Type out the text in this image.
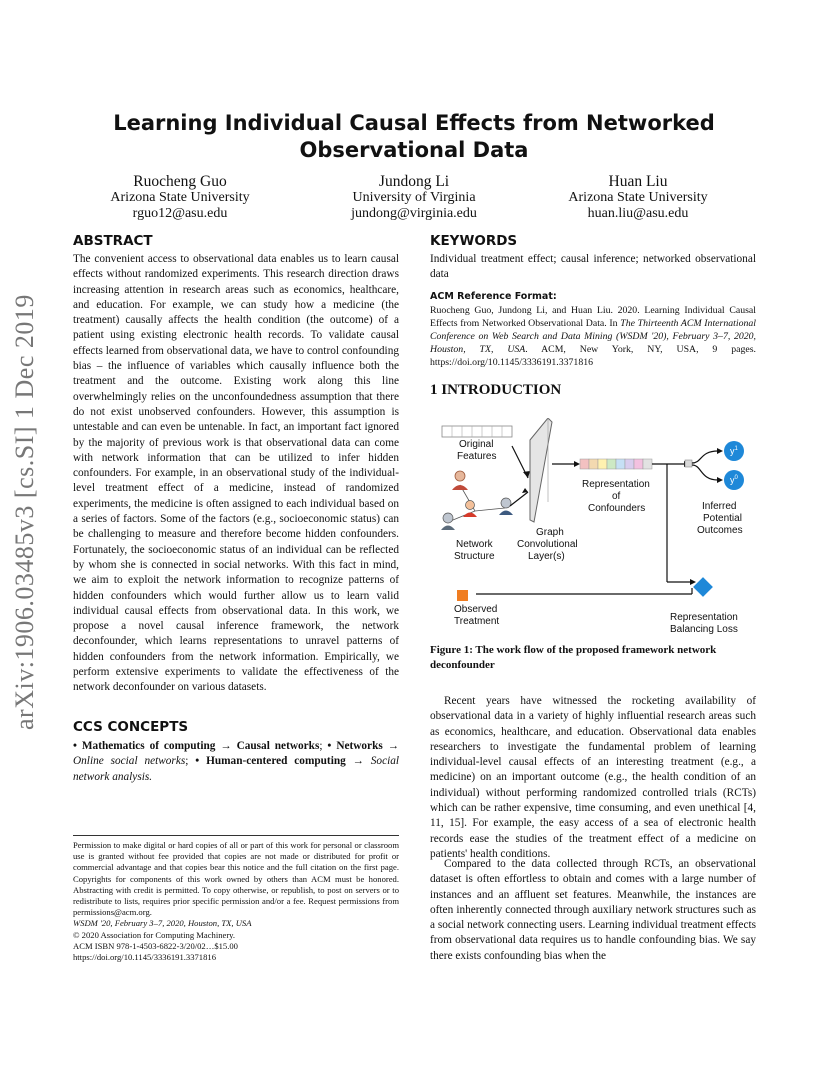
Learning Individual Causal Effects from Networked
Observational Data
Ruocheng Guo
Arizona State University
rguo12@asu.edu
Jundong Li
University of Virginia
jundong@virginia.edu
Huan Liu
Arizona State University
huan.liu@asu.edu
arXiv:1906.03485v3 [cs.SI] 1 Dec 2019
ABSTRACT
The convenient access to observational data enables us to learn causal effects without randomized experiments. This research direction draws increasing attention in research areas such as economics, healthcare, and education. For example, we can study how a medicine (the treatment) causally affects the health condition (the outcome) of a patient using existing electronic health records. To validate causal effects learned from observational data, we have to control confounding bias – the influence of variables which causally influence both the treatment and the outcome. Existing work along this line overwhelmingly relies on the unconfoundedness assumption that there do not exist unobserved confounders. However, this assumption is untestable and can even be untenable. In fact, an important fact ignored by the majority of previous work is that observational data can come with network information that can be utilized to infer hidden confounders. For example, in an observational study of the individual-level treatment effect of a medicine, instead of randomized experiments, the medicine is often assigned to each individual based on a series of factors. Some of the factors (e.g., socioeconomic status) can be challenging to measure and therefore become hidden confounders. Fortunately, the socioeconomic status of an individual can be reflected by whom she is connected in social networks. With this fact in mind, we aim to exploit the network information to recognize patterns of hidden confounders which would further allow us to learn valid individual causal effects from observational data. In this work, we propose a novel causal inference framework, the network deconfounder, which learns representations to unravel patterns of hidden confounders from the network information. Empirically, we perform extensive experiments to validate the effectiveness of the network deconfounder on various datasets.
CCS CONCEPTS
• Mathematics of computing → Causal networks; • Networks → Online social networks; • Human-centered computing → Social network analysis.
Permission to make digital or hard copies of all or part of this work for personal or classroom use is granted without fee provided that copies are not made or distributed for profit or commercial advantage and that copies bear this notice and the full citation on the first page. Copyrights for components of this work owned by others than ACM must be honored. Abstracting with credit is permitted. To copy otherwise, or republish, to post on servers or to redistribute to lists, requires prior specific permission and/or a fee. Request permissions from permissions@acm.org.
WSDM '20, February 3–7, 2020, Houston, TX, USA
© 2020 Association for Computing Machinery.
ACM ISBN 978-1-4503-6822-3/20/02…$15.00
https://doi.org/10.1145/3336191.3371816
KEYWORDS
Individual treatment effect; causal inference; networked observational data
ACM Reference Format:
Ruocheng Guo, Jundong Li, and Huan Liu. 2020. Learning Individual Causal Effects from Networked Observational Data. In The Thirteenth ACM International Conference on Web Search and Data Mining (WSDM '20), February 3–7, 2020, Houston, TX, USA. ACM, New York, NY, USA, 9 pages. https://doi.org/10.1145/3336191.3371816
1 INTRODUCTION
Original
Features
Network
Structure
Graph
Convolutional
Layer(s)
Representation
of
Confounders
$y^1$
$y^0$
Inferred
Potential
Outcomes
Observed
Treatment	Representation
Balancing Loss
Figure 1: The work flow of the proposed framework network deconfounder
Recent years have witnessed the rocketing availability of observational data in a variety of highly influential research areas such as economics, healthcare, and education. Observational data enables researchers to investigate the fundamental problem of learning individual-level causal effects of an interesting treatment (e.g., a medicine) on an important outcome (e.g., the health condition of an individual) without performing randomized controlled trials (RCTs) which can be rather expensive, time consuming, and even unethical [4, 11, 15]. For example, the easy access of a sea of electronic health records ease the studies of the treatment effect of a medicine on patients' health conditions.
Compared to the data collected through RCTs, an observational dataset is often effortless to obtain and comes with a large number of instances and an affluent set features. Meanwhile, the instances are often inherently connected through auxiliary network structures such as a social network connecting users. Learning individual treatment effects from observational data requires us to handle confounding bias. We say there exists confounding bias when the
